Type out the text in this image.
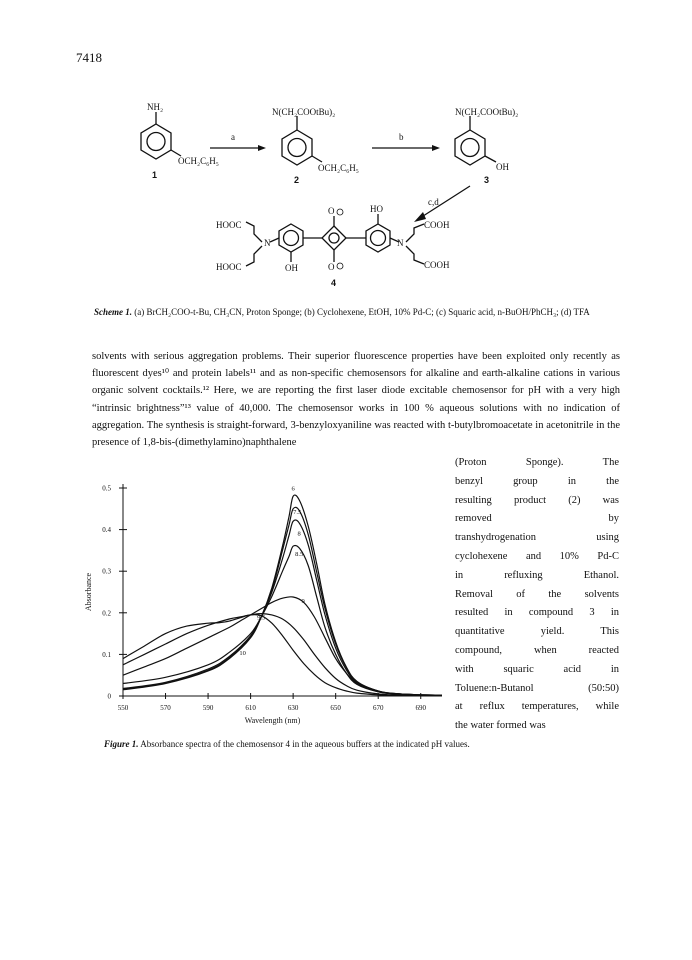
7418
NH₂
OCH₂C₆H₅
1
N(CH₂COOtBu)₂
OCH₂C₆H₅
2
N(CH₂COOtBu)₂
OH
3
a	b
c,d
HOOC
HOOC
N	N
COOH
COOH
O
O
HO
OH
4
Scheme 1. (a) BrCH₂COO-t-Bu, CH₃CN, Proton Sponge; (b) Cyclohexene, EtOH, 10% Pd-C; (c) Squaric acid, n-BuOH/PhCH₃; (d) TFA

solvents with serious aggregation problems. Their superior fluorescence properties have been exploited only recently as fluorescent dyes¹⁰ and protein labels¹¹ and as non-specific chemosensors for alkaline and earth-alkaline cations in various organic solvent cocktails.¹² Here, we are reporting the first laser diode excitable chemosensor for pH with a very high “intrinsic brightness”¹³ value of 40,000. The chemosensor works in 100 % aqueous solutions with no indication of aggregation. The synthesis is straight-forward, 3-benzyloxyaniline was reacted with t-butylbromoacetate in acetonitrile in the presence of 1,8-bis-(dimethylamino)naphthalene

(Proton Sponge). The
benzyl group in the
resulting product (2) was
removed by
transhydrogenation using
cyclohexene and 10% Pd-C
in refluxing Ethanol.
Removal of the solvents
resulted in compound 3 in
quantitative yield. This
compound, when reacted
with squaric acid in
Toluene:n-Butanol (50:50)
at reflux temperatures, while
the water formed was
0
0.1
0.2
0.3
0.4
0.5
550	570	590	610	630	650	670	690
Wavelength (nm)
Absorbance
6
7.5
8
8.5
9
9.5
10
Figure 1. Absorbance spectra of the chemosensor 4 in the aqueous buffers at the indicated pH values.
